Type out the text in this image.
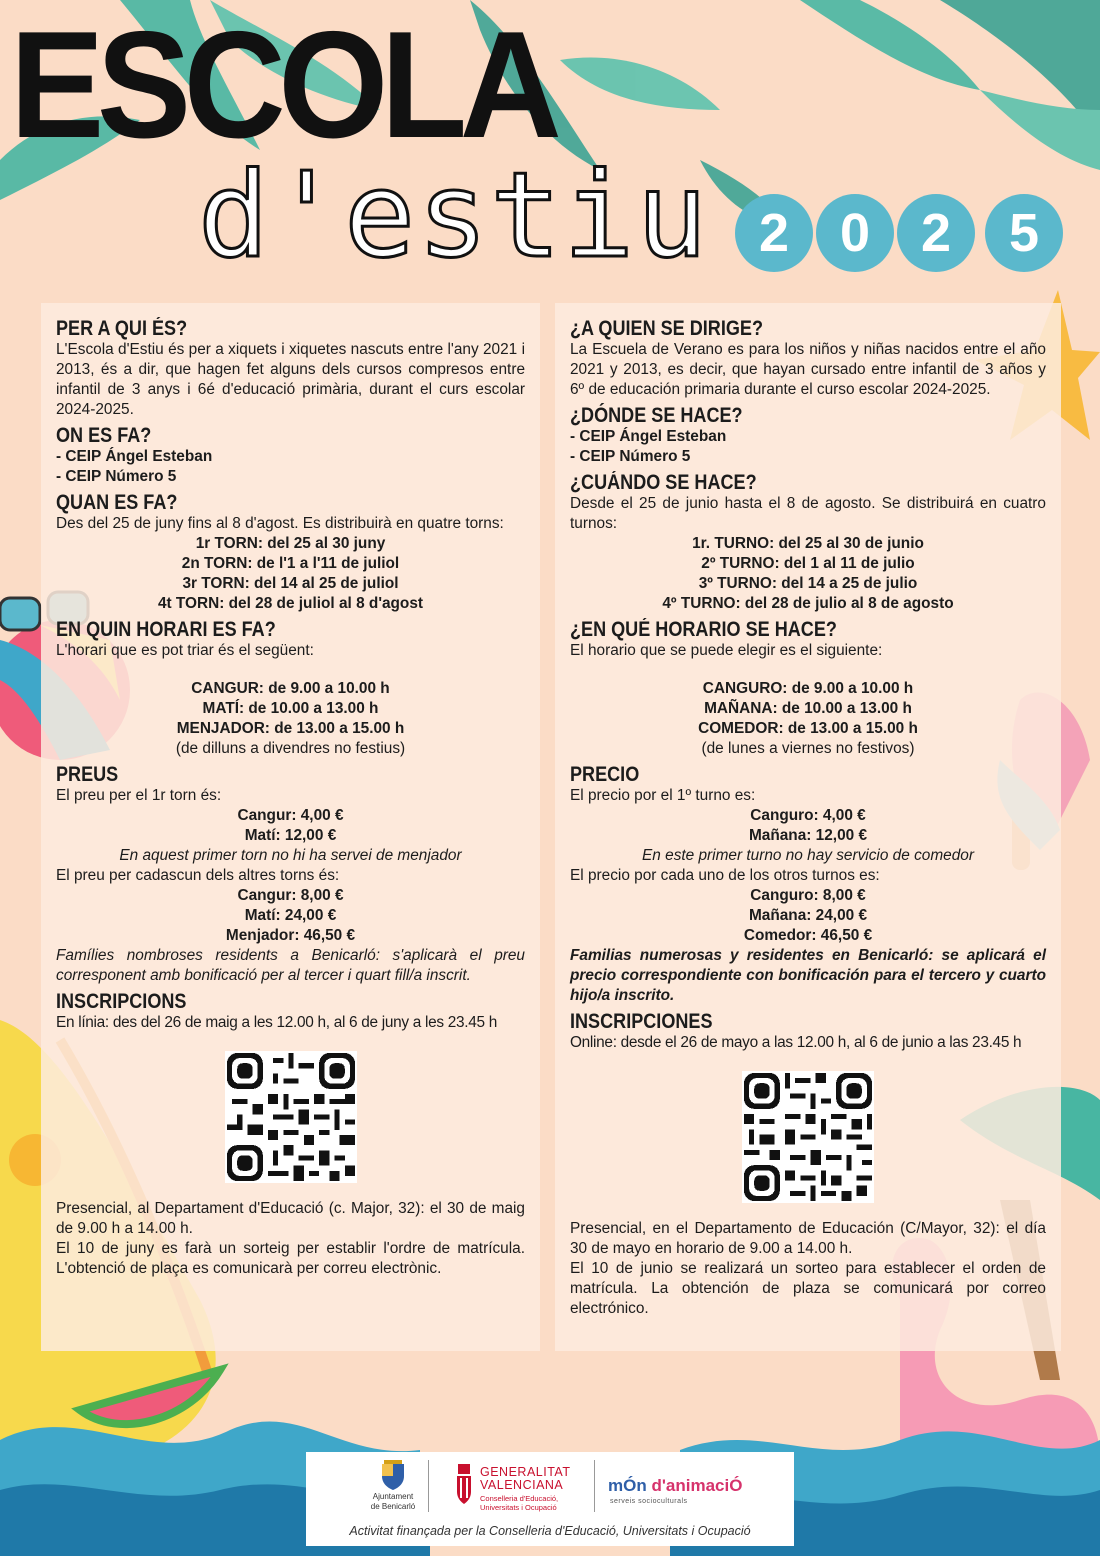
ESCOLA
d'estiu 2 0 2	5
PER A QUI ÉS?

L'Escola d'Estiu és per a xiquets i xiquetes nascuts entre l'any 2021 i 2013, és a dir, que hagen fet alguns dels cursos compresos entre infantil de 3 anys i 6é d'educació primària, durant el curs escolar 2024-2025.

ON ES FA?

- CEIP Ángel Esteban

- CEIP Número 5

QUAN ES FA?

Des del 25 de juny fins al 8 d'agost. Es distribuirà en quatre torns:

1r TORN: del 25 al 30 juny

2n TORN: de l'1 a l'11 de juliol

3r TORN: del 14 al 25 de juliol

4t TORN: del 28 de juliol al 8 d'agost

EN QUIN HORARI ES FA?

L'horari que es pot triar és el següent:

CANGUR: de 9.00 a 10.00 h

MATÍ: de 10.00 a 13.00 h

MENJADOR: de 13.00 a 15.00 h

(de dilluns a divendres no festius)

PREUS

El preu per el 1r torn és:

Cangur: 4,00 €

Matí: 12,00 €

En aquest primer torn no hi ha servei de menjador

El preu per cadascun dels altres torns és:

Cangur: 8,00 €

Matí: 24,00 €

Menjador: 46,50 €

Famílies nombroses residents a Benicarló: s'aplicarà el preu corresponent amb bonificació per al tercer i quart fill/a inscrit.

INSCRIPCIONS

En línia: des del 26 de maig a les 12.00 h, al 6 de juny a les 23.45 h

Presencial, al Departament d'Educació (c. Major, 32): el 30 de maig de 9.00 h a 14.00 h.

El 10 de juny es farà un sorteig per establir l'ordre de matrícula. L'obtenció de plaça es comunicarà per correu electrònic.

¿A QUIEN SE DIRIGE?

La Escuela de Verano es para los niños y niñas nacidos entre el año 2021 y 2013, es decir, que hayan cursado entre infantil de 3 años y 6º de educación primaria durante el curso escolar 2024-2025.

¿DÓNDE SE HACE?

- CEIP Ángel Esteban

- CEIP Número 5

¿CUÁNDO SE HACE?

Desde el 25 de junio hasta el 8 de agosto. Se distribuirá en cuatro turnos:

1r. TURNO: del 25 al 30 de junio

2º TURNO: del 1 al 11 de julio

3º TURNO: del 14 a 25 de julio

4º TURNO: del 28 de julio al 8 de agosto

¿EN QUÉ HORARIO SE HACE?

El horario que se puede elegir es el siguiente:

CANGURO: de 9.00 a 10.00 h

MAÑANA: de 10.00 a 13.00 h

COMEDOR: de 13.00 a 15.00 h

(de lunes a viernes no festivos)

PRECIO

El precio por el 1º turno es:

Canguro: 4,00 €

Mañana: 12,00 €

En este primer turno no hay servicio de comedor

El precio por cada uno de los otros turnos es:

Canguro: 8,00 €

Mañana: 24,00 €

Comedor: 46,50 €

Familias numerosas y residentes en Benicarló: se aplicará el precio correspondiente con bonificación para el tercero y cuarto hijo/a inscrito.

INSCRIPCIONES

Online: desde el 26 de mayo a las 12.00 h, al 6 de junio a las 23.45 h

Presencial, en el Departamento de Educación (C/Mayor, 32): el día 30 de mayo en horario de 9.00 a 14.00 h.

El 10 de junio se realizará un sorteo para establecer el orden de matrícula. La obtención de plaza se comunicará por correo electrónico.

Ajuntament
de Benicarló
GENERALITAT
VALENCIANA
Conselleria d'Educació,
Universitats i Ocupació
mÓn d'animaciÓ
serveis socioculturals
Activitat finançada per la Conselleria d'Educació, Universitats i Ocupació
